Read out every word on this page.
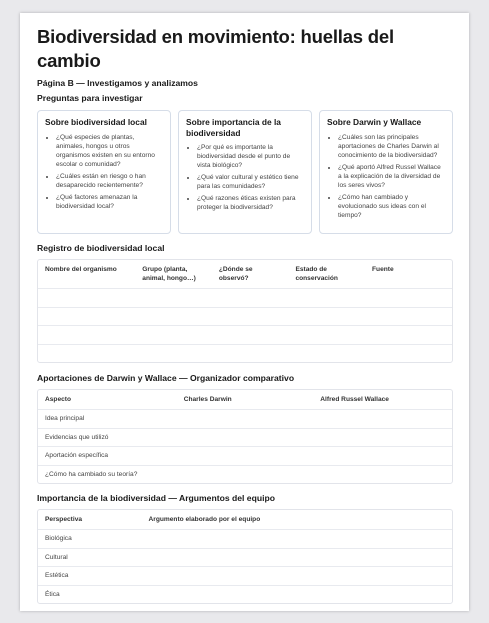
Biodiversidad en movimiento: huellas del cambio
Página B — Investigamos y analizamos
Preguntas para investigar
Sobre biodiversidad local
• ¿Qué especies de plantas, animales, hongos u otros organismos existen en su entorno escolar o comunidad?
• ¿Cuáles están en riesgo o han desaparecido recientemente?
• ¿Qué factores amenazan la biodiversidad local?
Sobre importancia de la biodiversidad
• ¿Por qué es importante la biodiversidad desde el punto de vista biológico?
• ¿Qué valor cultural y estético tiene para las comunidades?
• ¿Qué razones éticas existen para proteger la biodiversidad?
Sobre Darwin y Wallace
• ¿Cuáles son las principales aportaciones de Charles Darwin al conocimiento de la biodiversidad?
• ¿Qué aportó Alfred Russel Wallace a la explicación de la diversidad de los seres vivos?
• ¿Cómo han cambiado y evolucionado sus ideas con el tiempo?
Registro de biodiversidad local
Nombre del organismo	Grupo (planta, animal, hongo…)	¿Dónde se observó?	Estado de conservación	Fuente

Aportaciones de Darwin y Wallace — Organizador comparativo
Aspecto	Charles Darwin	Alfred Russel Wallace
Idea principal		
Evidencias que utilizó		
Aportación específica		
¿Cómo ha cambiado su teoría?		
Importancia de la biodiversidad — Argumentos del equipo
Perspectiva	Argumento elaborado por el equipo
Biológica	
Cultural	
Estética	
Ética	
